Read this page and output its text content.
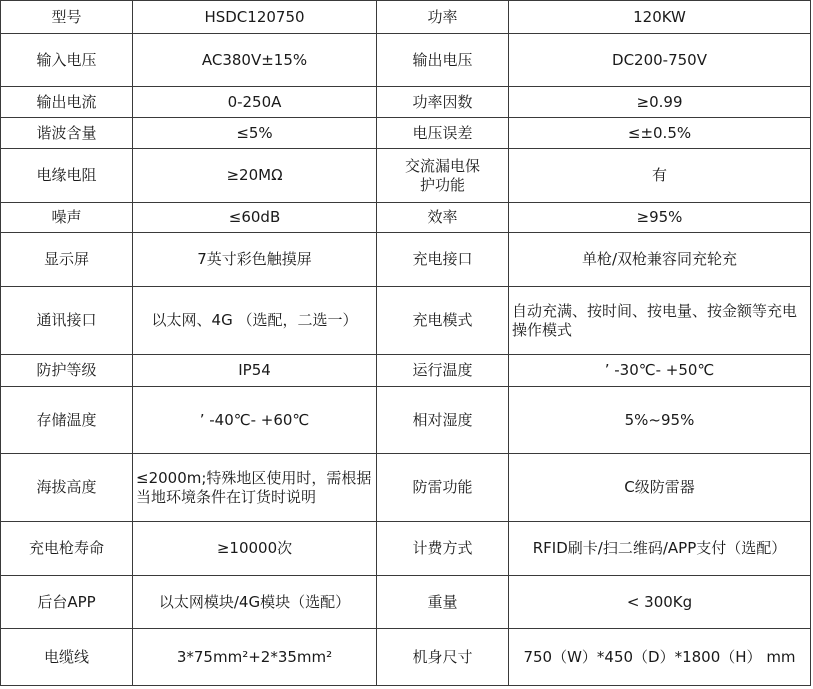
型号	HSDC120750	功率	120KW
输入电压	AC380V±15%	输出电压	DC200-750V
输出电流	0-250A	功率因数	≥0.99
谐波含量	≤5%	电压误差	≤±0.5%
电缘电阻	≥20MΩ	交流漏电保护功能	有
噪声	≤60dB	效率	≥95%
显示屏	7英寸彩色触摸屏	充电接口	单枪/双枪兼容同充轮充
通讯接口	以太网、4G （选配，二选一）	充电模式	自动充满、按时间、按电量、按金额等充电操作模式
防护等级	IP54	运行温度	’ -30℃- +50℃
存储温度	’ -40℃- +60℃	相对湿度	5%~95%
海拔高度	≤2000m;特殊地区使用时，需根据当地环境条件在订货时说明	防雷功能	C级防雷器
充电枪寿命	≥10000次	计费方式	RFID刷卡/扫二维码/APP支付（选配）
后台APP	以太网模块/4G模块（选配）	重量	< 300Kg
电缆线	3*75mm²+2*35mm²	机身尺寸	750（W）*450（D）*1800（H） mm
